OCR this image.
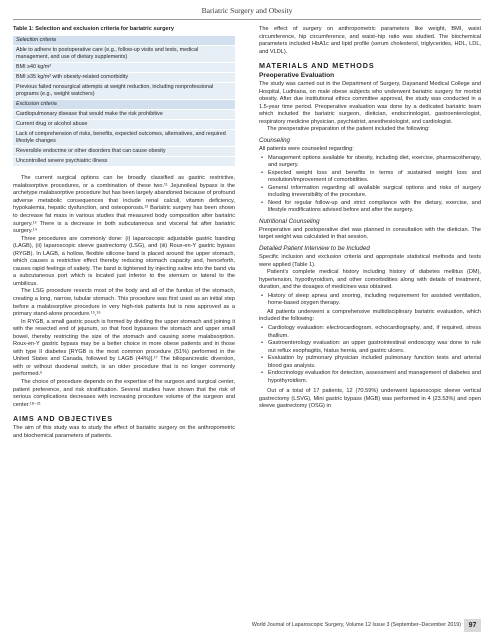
Bariatric Surgery and Obesity
Table 1: Selection and exclusion criteria for bariatric surgery
Selection criteria
Able to adhere to postoperative care (e.g., follow-up visits and tests, medical management, and use of dietary supplements)
BMI ≥40 kg/m²
BMI ≥35 kg/m² with obesity-related comorbidity
Previous failed nonsurgical attempts at weight reduction, including nonprofessional programs (e.g., weight watchers)
Exclusion criteria
Cardiopulmonary disease that would make the risk prohibitive
Current drug or alcohol abuse
Lack of comprehension of risks, benefits, expected outcomes, alternatives, and required lifestyle changes
Reversible endocrine or other disorders that can cause obesity
Uncontrolled severe psychiatric illness

The current surgical options can be broadly classified as gastric restrictive, malabsorptive procedures, or a combination of these two.¹¹ Jejunoileal bypass is the archetype malabsorptive procedure but has been largely abandoned because of profound adverse metabolic consequences that include renal calculi, vitamin deficiency, hypokalemia, hepatic dysfunction, and osteoporosis.¹² Bariatric surgery has been shown to decrease fat mass in various studies that measured body composition after bariatric surgery.¹³ There is a decrease in both subcutaneous and visceral fat after bariatric surgery.¹⁴

Three procedures are commonly done: (i) laparoscopic adjustable gastric banding (LAGB), (ii) laparoscopic sleeve gastrectomy (LSG), and (iii) Roux-en-Y gastric bypass (RYGB). In LAGB, a hollow, flexible silicone band is placed around the upper stomach, which causes a restrictive effect thereby reducing stomach capacity and, henceforth, causes rapid feelings of satiety. The band is tightened by injecting saline into the band via a subcutaneous port which is located just inferior to the sternum or lateral to the umbilicus.

The LSG procedure resects most of the body and all of the fundus of the stomach, creating a long, narrow, tubular stomach. This procedure was first used as an initial step before a malabsorptive procedure in very high-risk patients but is now approved as a primary stand-alone procedure.¹⁵,¹⁶

In RYGB, a small gastric pouch is formed by dividing the upper stomach and joining it with the resected end of jejunum, so that food bypasses the stomach and upper small bowel, thereby restricting the size of the stomach and causing some malabsorption. Roux-en-Y gastric bypass may be a better choice in more obese patients and in those with type II diabetes [RYGB is the most common procedure (51%) performed in the United States and Canada, followed by LAGB (44%)].¹⁷ The biliopancreatic diversion, with or without duodenal switch, is an older procedure that is no longer commonly performed.⁶

The choice of procedure depends on the expertise of the surgeon and surgical center, patient preference, and risk stratification. Several studies have shown that the risk of serious complications decreases with increasing procedure volume of the surgeon and center.¹⁸⁻²¹

AIMS AND OBJECTIVES

The aim of this study was to study the effect of bariatric surgery on the anthropometric and biochemical parameters of patients.

The effect of surgery on anthropometric parameters like weight, BMI, waist circumference, hip circumference, and waist–hip ratio was studied. The biochemical parameters included HbA1c and lipid profile (serum cholesterol, triglycerides, HDL, LDL, and VLDL).

MATERIALS AND METHODS
Preoperative Evaluation

The study was carried out in the Department of Surgery, Dayanand Medical College and Hospital, Ludhiana, on male obese subjects who underwent bariatric surgery for morbid obesity. After due institutional ethics committee approval, the study was conducted in a 1.5-year time period. Preoperative evaluation was done by a dedicated bariatric team which included the bariatric surgeon, dietician, endocrinologist, gastroenterologist, respiratory medicine physician, psychiatrist, anesthesiologist, and cardiologist.

The preoperative preparation of the patient included the following:

Counseling

All patients were counseled regarding:

• Management options available for obesity, including diet, exercise, pharmacotherapy, and surgery.
• Expected weight loss and benefits in terms of sustained weight loss and resolution/improvement of comorbidities.
• General information regarding all available surgical options and risks of surgery including irreversibility of the procedure.
• Need for regular follow-up and strict compliance with the dietary, exercise, and lifestyle modifications advised before and after the surgery.
Nutritional Counseling

Preoperative and postoperative diet was planned in consultation with the dietician. The target weight was calculated in that session.

Detailed Patient Interview to be Included

Specific inclusion and exclusion criteria and appropriate statistical methods and tests were applied (Table 1).

Patient’s complete medical history including history of diabetes mellitus (DM), hypertension, hypothyroidism, and other comorbidities along with details of treatment, duration, and the dosages of medicines was obtained.

• History of sleep apnea and snoring, including requirement for assisted ventilation, home-based oxygen therapy.

All patients underwent a comprehensive multidisciplinary bariatric evaluation, which included the following:

• Cardiology evaluation: electrocardiogram, echocardiography, and, if required, stress thallium.
• Gastroenterology evaluation: an upper gastrointestinal endoscopy was done to rule out reflux esophagitis, hiatus hernia, and gastric ulcers.
• Evaluation by pulmonary physician included pulmonary function tests and arterial blood gas analysis.
• Endocrinology evaluation for detection, assessment and management of diabetes and hypothyroidism.

Out of a total of 17 patients, 12 (70.59%) underwent laparoscopic sleeve vertical gastrectomy (LSVG), Mini gastric bypass (MGB) was performed in 4 (23.53%) and open sleeve gastrectomy (OSG) in

World Journal of Laparoscopic Surgery, Volume 12 Issue 3 (September–December 2019)	97
